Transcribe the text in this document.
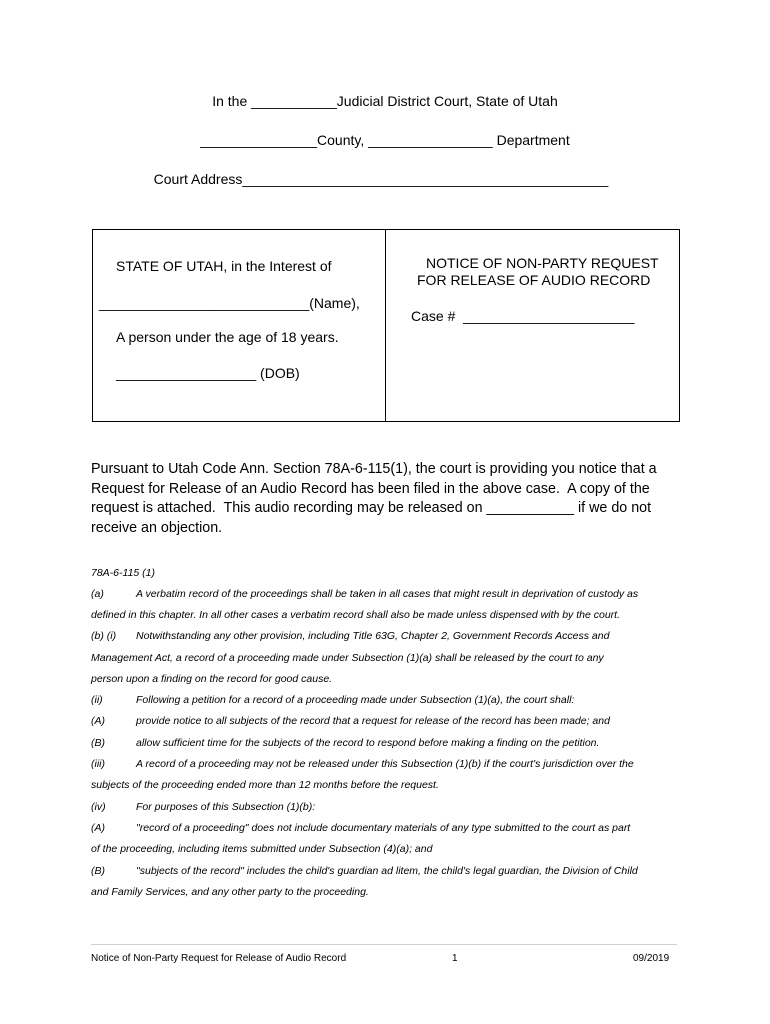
In the ___________Judicial District Court, State of Utah
_______________County, ________________ Department
Court Address_______________________________________________
STATE OF UTAH, in the Interest of
___________________________(Name),
A person under the age of 18 years.
__________________ (DOB)
NOTICE OF NON-PARTY REQUEST
FOR RELEASE OF AUDIO RECORD
Case #  ______________________
Pursuant to Utah Code Ann. Section 78A-6-115(1), the court is providing you notice that a
Request for Release of an Audio Record has been filed in the above case.  A copy of the
request is attached.  This audio recording may be released on ___________ if we do not
receive an objection.
78A-6-115 (1)

(a)

	A verbatim record of the proceedings shall be taken in all cases that might result in deprivation of custody as

defined in this chapter. In all other cases a verbatim record shall also be made unless dispensed with by the court.

(b) (i)

Notwithstanding any other provision, including Title 63G, Chapter 2, Government Records Access and

Management Act, a record of a proceeding made under Subsection (1)(a) shall be released by the court to any
person upon a finding on the record for good cause.

(ii)

	Following a petition for a record of a proceeding made under Subsection (1)(a), the court shall:

(A)

	provide notice to all subjects of the record that a request for release of the record has been made; and

(B)

	allow sufficient time for the subjects of the record to respond before making a finding on the petition.

(iii)

	A record of a proceeding may not be released under this Subsection (1)(b) if the court's jurisdiction over the

subjects of the proceeding ended more than 12 months before the request.

(iv)

	For purposes of this Subsection (1)(b):

(A)

	"record of a proceeding" does not include documentary materials of any type submitted to the court as part

of the proceeding, including items submitted under Subsection (4)(a); and

(B)

	"subjects of the record" includes the child's guardian ad litem, the child's legal guardian, the Division of Child

and Family Services, and any other party to the proceeding.
Notice of Non-Party Request for Release of Audio Record	1	09/2019
